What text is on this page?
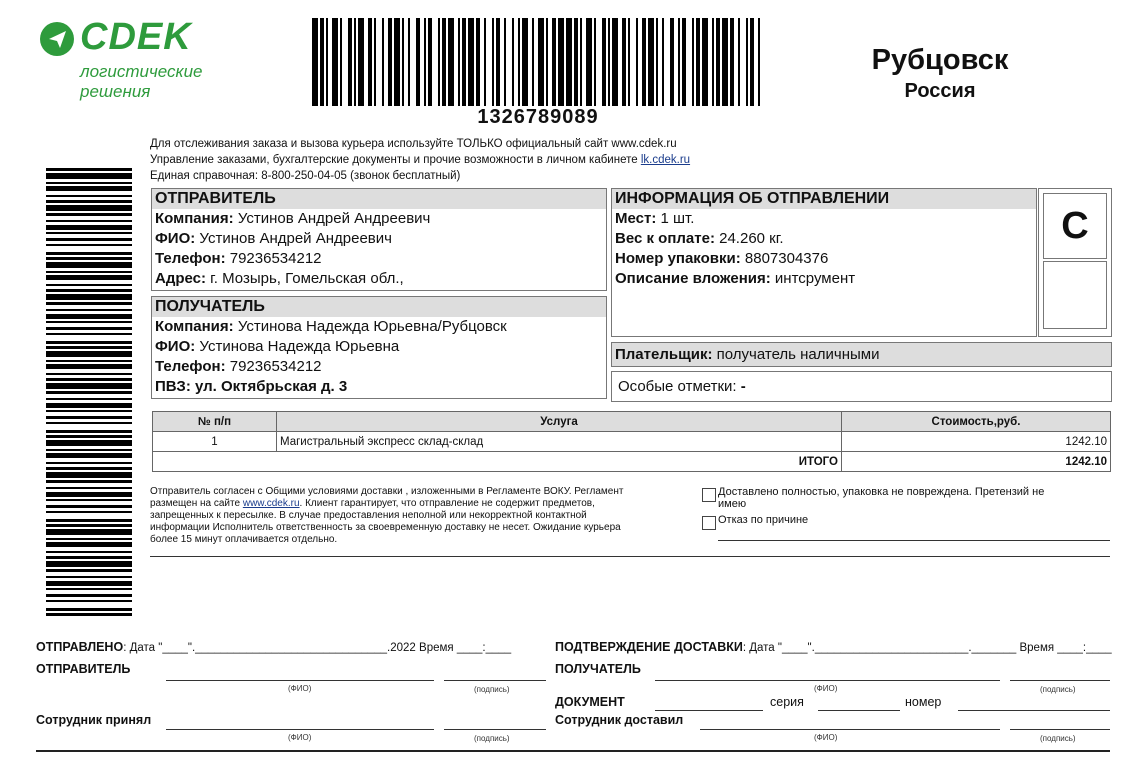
СDEK
логистические
решения
1326789089
Рубцовск
Россия
Для отслеживания заказа и вызова курьера используйте ТОЛЬКО официальный сайт www.cdek.ru
Управление заказами, бухгалтерские документы и прочие возможности в личном кабинете lk.cdek.ru
Единая справочная: 8-800-250-04-05 (звонок бесплатный)
ОТПРАВИТЕЛЬ
Компания: Устинов Андрей Андреевич
ФИО: Устинов Андрей Андреевич
Телефон: 79236534212
Адрес: г. Мозырь, Гомельская обл.,
ПОЛУЧАТЕЛЬ
Компания: Устинова Надежда Юрьевна/Рубцовск
ФИО: Устинова Надежда Юрьевна
Телефон: 79236534212
ПВЗ: ул. Октябрьская д. 3
ИНФОРМАЦИЯ ОБ ОТПРАВЛЕНИИ
Мест: 1 шт.
Вес к оплате: 24.260 кг.
Номер упаковки: 8807304376
Описание вложения: интсрумент
С
Плательщик: получатель наличными
Особые отметки: -
№ п/п	Услуга	Стоимость,руб.
1	Магистральный экспресс склад-склад	1242.10
ИТОГО		1242.10
Отправитель согласен с Общими условиями доставки , изложенными в Регламенте ВОКУ. Регламент
размещен на сайте www.cdek.ru. Клиент гарантирует, что отправление не содержит предметов,
запрещенных к пересылке. В случае предоставления неполной или некорректной контактной
информации Исполнитель ответственность за своевременную доставку не несет. Ожидание курьера
более 15 минут оплачивается отдельно.
Доставлено полностью, упаковка не повреждена. Претензий не
имею
Отказ по причине
ОТПРАВЛЕНО: Дата "____".______________________________.2022 Время ____:____
ОТПРАВИТЕЛЬ
(ФИО)	(подпись)
Сотрудник принял
(ФИО)	(подпись)
ПОДТВЕРЖДЕНИЕ ДОСТАВКИ: Дата "____".________________________._______ Время ____:____
ПОЛУЧАТЕЛЬ
(ФИО)	(подпись)
ДОКУМЕНТ	серия	номер
Сотрудник доставил
(ФИО)	(подпись)
